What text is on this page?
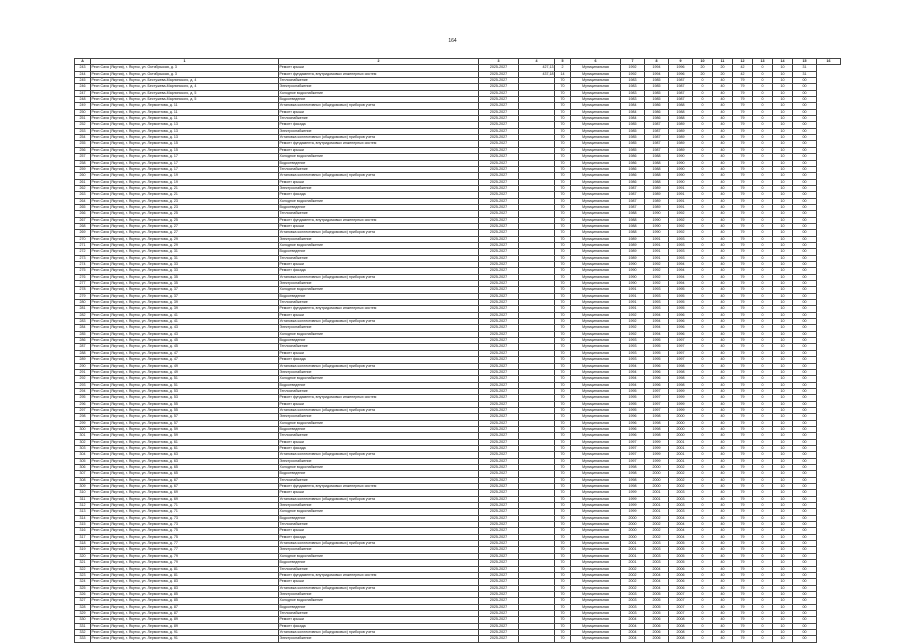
164
А	1	2	3	4	5	6	7	8	9	10	11	12	13	14	15	16
243	Респ Саха (Якутия), г. Якутск, ул. Октябрьская, д. 3	Ремонт крыши	2025-2027	427,13	2	Муниципальная	1992	1994	1996	20	20	42	0	10	31	
244	Респ Саха (Якутия), г. Якутск, ул. Октябрьская, д. 3	Ремонт фундамента, внутридомовых инженерных систем	2025-2027	437,18	14	Муниципальная	1992	1994	1996	20	20	42	0	10	31	
245	Респ Саха (Якутия), г. Якутск, ул. Бестужева-Марлинского, д. 4	Теплоснабжение	2025-2027		70	Муниципальная	1983	1985	1987	0	40	79	0	10	00	
246	Респ Саха (Якутия), г. Якутск, ул. Бестужева-Марлинского, д. 4	Электроснабжение	2025-2027		70	Муниципальная	1983	1985	1987	0	40	79	0	10	00	
247	Респ Саха (Якутия), г. Якутск, ул. Бестужева-Марлинского, д. 5	Холодное водоснабжение	2025-2027		70	Муниципальная	1983	1985	1987	0	40	79	0	10	00	
248	Респ Саха (Якутия), г. Якутск, ул. Бестужева-Марлинского, д. 5	Водоотведение	2025-2027		70	Муниципальная	1983	1985	1987	0	40	79	0	10	00	
249	Респ Саха (Якутия), г. Якутск, ул. Лермонтова, д. 11	Установка коллективных (общедомовых) приборов учета	2025-2027		70	Муниципальная	1984	1986	1988	0	40	79	0	10	00	
250	Респ Саха (Якутия), г. Якутск, ул. Лермонтова, д. 11	Ремонт крыши	2025-2027		70	Муниципальная	1984	1986	1988	0	40	79	0	10	00	
251	Респ Саха (Якутия), г. Якутск, ул. Лермонтова, д. 11	Теплоснабжение	2025-2027		70	Муниципальная	1984	1986	1988	0	40	79	0	10	00	
252	Респ Саха (Якутия), г. Якутск, ул. Лермонтова, д. 13	Ремонт фасада	2025-2027		70	Муниципальная	1985	1987	1989	0	40	79	0	10	00	
253	Респ Саха (Якутия), г. Якутск, ул. Лермонтова, д. 13	Электроснабжение	2025-2027		70	Муниципальная	1985	1987	1989	0	40	79	0	10	00	
254	Респ Саха (Якутия), г. Якутск, ул. Лермонтова, д. 13	Установка коллективных (общедомовых) приборов учета	2025-2027		70	Муниципальная	1985	1987	1989	0	40	79	0	10	00	
255	Респ Саха (Якутия), г. Якутск, ул. Лермонтова, д. 15	Ремонт фундамента, внутридомовых инженерных систем	2025-2027		70	Муниципальная	1985	1987	1989	0	40	79	0	10	00	
256	Респ Саха (Якутия), г. Якутск, ул. Лермонтова, д. 15	Ремонт крыши	2025-2027		70	Муниципальная	1985	1987	1989	0	40	79	0	10	00	
257	Респ Саха (Якутия), г. Якутск, ул. Лермонтова, д. 17	Холодное водоснабжение	2025-2027		70	Муниципальная	1986	1988	1990	0	40	79	0	10	00	
258	Респ Саха (Якутия), г. Якутск, ул. Лермонтова, д. 17	Водоотведение	2025-2027		70	Муниципальная	1986	1988	1990	0	40	79	0	10	00	
259	Респ Саха (Якутия), г. Якутск, ул. Лермонтова, д. 17	Теплоснабжение	2025-2027		70	Муниципальная	1986	1988	1990	0	40	79	0	10	00	
260	Респ Саха (Якутия), г. Якутск, ул. Лермонтова, д. 19	Установка коллективных (общедомовых) приборов учета	2025-2027		70	Муниципальная	1986	1988	1990	0	40	79	0	10	00	
261	Респ Саха (Якутия), г. Якутск, ул. Лермонтова, д. 19	Ремонт крыши	2025-2027		70	Муниципальная	1986	1988	1990	0	40	79	0	10	00	
262	Респ Саха (Якутия), г. Якутск, ул. Лермонтова, д. 21	Электроснабжение	2025-2027		70	Муниципальная	1987	1989	1991	0	40	79	0	10	00	
263	Респ Саха (Якутия), г. Якутск, ул. Лермонтова, д. 21	Ремонт фасада	2025-2027		70	Муниципальная	1987	1989	1991	0	40	79	0	10	00	
264	Респ Саха (Якутия), г. Якутск, ул. Лермонтова, д. 23	Холодное водоснабжение	2025-2027		70	Муниципальная	1987	1989	1991	0	40	79	0	10	00	
265	Респ Саха (Якутия), г. Якутск, ул. Лермонтова, д. 23	Водоотведение	2025-2027		70	Муниципальная	1987	1989	1991	0	40	79	0	10	00	
266	Респ Саха (Якутия), г. Якутск, ул. Лермонтова, д. 25	Теплоснабжение	2025-2027		70	Муниципальная	1988	1990	1992	0	40	79	0	10	00	
267	Респ Саха (Якутия), г. Якутск, ул. Лермонтова, д. 25	Ремонт фундамента, внутридомовых инженерных систем	2025-2027		70	Муниципальная	1988	1990	1992	0	40	79	0	10	00	
268	Респ Саха (Якутия), г. Якутск, ул. Лермонтова, д. 27	Ремонт крыши	2025-2027		70	Муниципальная	1988	1990	1992	0	40	79	0	10	00	
269	Респ Саха (Якутия), г. Якутск, ул. Лермонтова, д. 27	Установка коллективных (общедомовых) приборов учета	2025-2027		70	Муниципальная	1988	1990	1992	0	40	79	0	10	00	
270	Респ Саха (Якутия), г. Якутск, ул. Лермонтова, д. 29	Электроснабжение	2025-2027		70	Муниципальная	1989	1991	1993	0	40	79	0	10	00	
271	Респ Саха (Якутия), г. Якутск, ул. Лермонтова, д. 29	Холодное водоснабжение	2025-2027		70	Муниципальная	1989	1991	1993	0	40	79	0	10	00	
272	Респ Саха (Якутия), г. Якутск, ул. Лермонтова, д. 31	Водоотведение	2025-2027		70	Муниципальная	1989	1991	1993	0	40	79	0	10	00	
273	Респ Саха (Якутия), г. Якутск, ул. Лермонтова, д. 31	Теплоснабжение	2025-2027		70	Муниципальная	1989	1991	1993	0	40	79	0	10	00	
274	Респ Саха (Якутия), г. Якутск, ул. Лермонтова, д. 33	Ремонт крыши	2025-2027		70	Муниципальная	1990	1992	1994	0	40	79	0	10	00	
275	Респ Саха (Якутия), г. Якутск, ул. Лермонтова, д. 33	Ремонт фасада	2025-2027		70	Муниципальная	1990	1992	1994	0	40	79	0	10	00	
276	Респ Саха (Якутия), г. Якутск, ул. Лермонтова, д. 35	Установка коллективных (общедомовых) приборов учета	2025-2027		70	Муниципальная	1990	1992	1994	0	40	79	0	10	00	
277	Респ Саха (Якутия), г. Якутск, ул. Лермонтова, д. 35	Электроснабжение	2025-2027		70	Муниципальная	1990	1992	1994	0	40	79	0	10	00	
278	Респ Саха (Якутия), г. Якутск, ул. Лермонтова, д. 37	Холодное водоснабжение	2025-2027		70	Муниципальная	1991	1993	1995	0	40	79	0	10	00	
279	Респ Саха (Якутия), г. Якутск, ул. Лермонтова, д. 37	Водоотведение	2025-2027		70	Муниципальная	1991	1993	1995	0	40	79	0	10	00	
280	Респ Саха (Якутия), г. Якутск, ул. Лермонтова, д. 39	Теплоснабжение	2025-2027		70	Муниципальная	1991	1993	1995	0	40	79	0	10	00	
281	Респ Саха (Якутия), г. Якутск, ул. Лермонтова, д. 39	Ремонт фундамента, внутридомовых инженерных систем	2025-2027		70	Муниципальная	1991	1993	1995	0	40	79	0	10	00	
282	Респ Саха (Якутия), г. Якутск, ул. Лермонтова, д. 41	Ремонт крыши	2025-2027		70	Муниципальная	1992	1994	1996	0	40	79	0	10	00	
283	Респ Саха (Якутия), г. Якутск, ул. Лермонтова, д. 41	Установка коллективных (общедомовых) приборов учета	2025-2027		70	Муниципальная	1992	1994	1996	0	40	79	0	10	00	
284	Респ Саха (Якутия), г. Якутск, ул. Лермонтова, д. 43	Электроснабжение	2025-2027		70	Муниципальная	1992	1994	1996	0	40	79	0	10	00	
285	Респ Саха (Якутия), г. Якутск, ул. Лермонтова, д. 43	Холодное водоснабжение	2025-2027		70	Муниципальная	1992	1994	1996	0	40	79	0	10	00	
286	Респ Саха (Якутия), г. Якутск, ул. Лермонтова, д. 45	Водоотведение	2025-2027		70	Муниципальная	1993	1995	1997	0	40	79	0	10	00	
287	Респ Саха (Якутия), г. Якутск, ул. Лермонтова, д. 45	Теплоснабжение	2025-2027		70	Муниципальная	1993	1995	1997	0	40	79	0	10	00	
288	Респ Саха (Якутия), г. Якутск, ул. Лермонтова, д. 47	Ремонт крыши	2025-2027		70	Муниципальная	1993	1995	1997	0	40	79	0	10	00	
289	Респ Саха (Якутия), г. Якутск, ул. Лермонтова, д. 47	Ремонт фасада	2025-2027		70	Муниципальная	1993	1995	1997	0	40	79	0	10	00	
290	Респ Саха (Якутия), г. Якутск, ул. Лермонтова, д. 49	Установка коллективных (общедомовых) приборов учета	2025-2027		70	Муниципальная	1994	1996	1998	0	40	79	0	10	00	
291	Респ Саха (Якутия), г. Якутск, ул. Лермонтова, д. 49	Электроснабжение	2025-2027		70	Муниципальная	1994	1996	1998	0	40	79	0	10	00	
292	Респ Саха (Якутия), г. Якутск, ул. Лермонтова, д. 51	Холодное водоснабжение	2025-2027		70	Муниципальная	1994	1996	1998	0	40	79	0	10	00	
293	Респ Саха (Якутия), г. Якутск, ул. Лермонтова, д. 51	Водоотведение	2025-2027		70	Муниципальная	1994	1996	1998	0	40	79	0	10	00	
294	Респ Саха (Якутия), г. Якутск, ул. Лермонтова, д. 53	Теплоснабжение	2025-2027		70	Муниципальная	1995	1997	1999	0	40	79	0	10	00	
295	Респ Саха (Якутия), г. Якутск, ул. Лермонтова, д. 53	Ремонт фундамента, внутридомовых инженерных систем	2025-2027		70	Муниципальная	1995	1997	1999	0	40	79	0	10	00	
296	Респ Саха (Якутия), г. Якутск, ул. Лермонтова, д. 55	Ремонт крыши	2025-2027		70	Муниципальная	1995	1997	1999	0	40	79	0	10	00	
297	Респ Саха (Якутия), г. Якутск, ул. Лермонтова, д. 55	Установка коллективных (общедомовых) приборов учета	2025-2027		70	Муниципальная	1995	1997	1999	0	40	79	0	10	00	
298	Респ Саха (Якутия), г. Якутск, ул. Лермонтова, д. 57	Электроснабжение	2025-2027		70	Муниципальная	1996	1998	2000	0	40	79	0	10	00	
299	Респ Саха (Якутия), г. Якутск, ул. Лермонтова, д. 57	Холодное водоснабжение	2025-2027		70	Муниципальная	1996	1998	2000	0	40	79	0	10	00	
300	Респ Саха (Якутия), г. Якутск, ул. Лермонтова, д. 59	Водоотведение	2025-2027		70	Муниципальная	1996	1998	2000	0	40	79	0	10	00	
301	Респ Саха (Якутия), г. Якутск, ул. Лермонтова, д. 59	Теплоснабжение	2025-2027		70	Муниципальная	1996	1998	2000	0	40	79	0	10	00	
302	Респ Саха (Якутия), г. Якутск, ул. Лермонтова, д. 61	Ремонт крыши	2025-2027		70	Муниципальная	1997	1999	2001	0	40	79	0	10	00	
303	Респ Саха (Якутия), г. Якутск, ул. Лермонтова, д. 61	Ремонт фасада	2025-2027		70	Муниципальная	1997	1999	2001	0	40	79	0	10	00	
304	Респ Саха (Якутия), г. Якутск, ул. Лермонтова, д. 63	Установка коллективных (общедомовых) приборов учета	2025-2027		70	Муниципальная	1997	1999	2001	0	40	79	0	10	00	
305	Респ Саха (Якутия), г. Якутск, ул. Лермонтова, д. 63	Электроснабжение	2025-2027		70	Муниципальная	1997	1999	2001	0	40	79	0	10	00	
306	Респ Саха (Якутия), г. Якутск, ул. Лермонтова, д. 65	Холодное водоснабжение	2025-2027		70	Муниципальная	1998	2000	2002	0	40	79	0	10	00	
307	Респ Саха (Якутия), г. Якутск, ул. Лермонтова, д. 65	Водоотведение	2025-2027		70	Муниципальная	1998	2000	2002	0	40	79	0	10	00	
308	Респ Саха (Якутия), г. Якутск, ул. Лермонтова, д. 67	Теплоснабжение	2025-2027		70	Муниципальная	1998	2000	2002	0	40	79	0	10	00	
309	Респ Саха (Якутия), г. Якутск, ул. Лермонтова, д. 67	Ремонт фундамента, внутридомовых инженерных систем	2025-2027		70	Муниципальная	1998	2000	2002	0	40	79	0	10	00	
310	Респ Саха (Якутия), г. Якутск, ул. Лермонтова, д. 69	Ремонт крыши	2025-2027		70	Муниципальная	1999	2001	2003	0	40	79	0	10	00	
311	Респ Саха (Якутия), г. Якутск, ул. Лермонтова, д. 69	Установка коллективных (общедомовых) приборов учета	2025-2027		70	Муниципальная	1999	2001	2003	0	40	79	0	10	00	
312	Респ Саха (Якутия), г. Якутск, ул. Лермонтова, д. 71	Электроснабжение	2025-2027		70	Муниципальная	1999	2001	2003	0	40	79	0	10	00	
313	Респ Саха (Якутия), г. Якутск, ул. Лермонтова, д. 71	Холодное водоснабжение	2025-2027		70	Муниципальная	1999	2001	2003	0	40	79	0	10	00	
314	Респ Саха (Якутия), г. Якутск, ул. Лермонтова, д. 73	Водоотведение	2025-2027		70	Муниципальная	2000	2002	2004	0	40	79	0	10	00	
315	Респ Саха (Якутия), г. Якутск, ул. Лермонтова, д. 73	Теплоснабжение	2025-2027		70	Муниципальная	2000	2002	2004	0	40	79	0	10	00	
316	Респ Саха (Якутия), г. Якутск, ул. Лермонтова, д. 75	Ремонт крыши	2025-2027		70	Муниципальная	2000	2002	2004	0	40	79	0	10	00	
317	Респ Саха (Якутия), г. Якутск, ул. Лермонтова, д. 75	Ремонт фасада	2025-2027		70	Муниципальная	2000	2002	2004	0	40	79	0	10	00	
318	Респ Саха (Якутия), г. Якутск, ул. Лермонтова, д. 77	Установка коллективных (общедомовых) приборов учета	2025-2027		70	Муниципальная	2001	2003	2005	0	40	79	0	10	00	
319	Респ Саха (Якутия), г. Якутск, ул. Лермонтова, д. 77	Электроснабжение	2025-2027		70	Муниципальная	2001	2003	2005	0	40	79	0	10	00	
320	Респ Саха (Якутия), г. Якутск, ул. Лермонтова, д. 79	Холодное водоснабжение	2025-2027		70	Муниципальная	2001	2003	2005	0	40	79	0	10	00	
321	Респ Саха (Якутия), г. Якутск, ул. Лермонтова, д. 79	Водоотведение	2025-2027		70	Муниципальная	2001	2003	2005	0	40	79	0	10	00	
322	Респ Саха (Якутия), г. Якутск, ул. Лермонтова, д. 81	Теплоснабжение	2025-2027		70	Муниципальная	2002	2004	2006	0	40	79	0	10	00	
323	Респ Саха (Якутия), г. Якутск, ул. Лермонтова, д. 81	Ремонт фундамента, внутридомовых инженерных систем	2025-2027		70	Муниципальная	2002	2004	2006	0	40	79	0	10	00	
324	Респ Саха (Якутия), г. Якутск, ул. Лермонтова, д. 83	Ремонт крыши	2025-2027		70	Муниципальная	2002	2004	2006	0	40	79	0	10	00	
325	Респ Саха (Якутия), г. Якутск, ул. Лермонтова, д. 83	Установка коллективных (общедомовых) приборов учета	2025-2027		70	Муниципальная	2002	2004	2006	0	40	79	0	10	00	
326	Респ Саха (Якутия), г. Якутск, ул. Лермонтова, д. 85	Электроснабжение	2025-2027		70	Муниципальная	2003	2005	2007	0	40	79	0	10	00	
327	Респ Саха (Якутия), г. Якутск, ул. Лермонтова, д. 85	Холодное водоснабжение	2025-2027		70	Муниципальная	2003	2005	2007	0	40	79	0	10	00	
328	Респ Саха (Якутия), г. Якутск, ул. Лермонтова, д. 87	Водоотведение	2025-2027		70	Муниципальная	2003	2005	2007	0	40	79	0	10	00	
329	Респ Саха (Якутия), г. Якутск, ул. Лермонтова, д. 87	Теплоснабжение	2025-2027		70	Муниципальная	2003	2005	2007	0	40	79	0	10	00	
330	Респ Саха (Якутия), г. Якутск, ул. Лермонтова, д. 89	Ремонт крыши	2025-2027		70	Муниципальная	2004	2006	2008	0	40	79	0	10	00	
331	Респ Саха (Якутия), г. Якутск, ул. Лермонтова, д. 89	Ремонт фасада	2025-2027		70	Муниципальная	2004	2006	2008	0	40	79	0	10	00	
332	Респ Саха (Якутия), г. Якутск, ул. Лермонтова, д. 91	Установка коллективных (общедомовых) приборов учета	2025-2027		70	Муниципальная	2004	2006	2008	0	40	79	0	10	00	
333	Респ Саха (Якутия), г. Якутск, ул. Лермонтова, д. 91	Электроснабжение	2025-2027		70	Муниципальная	2004	2006	2008	0	40	79	0	10	00	
